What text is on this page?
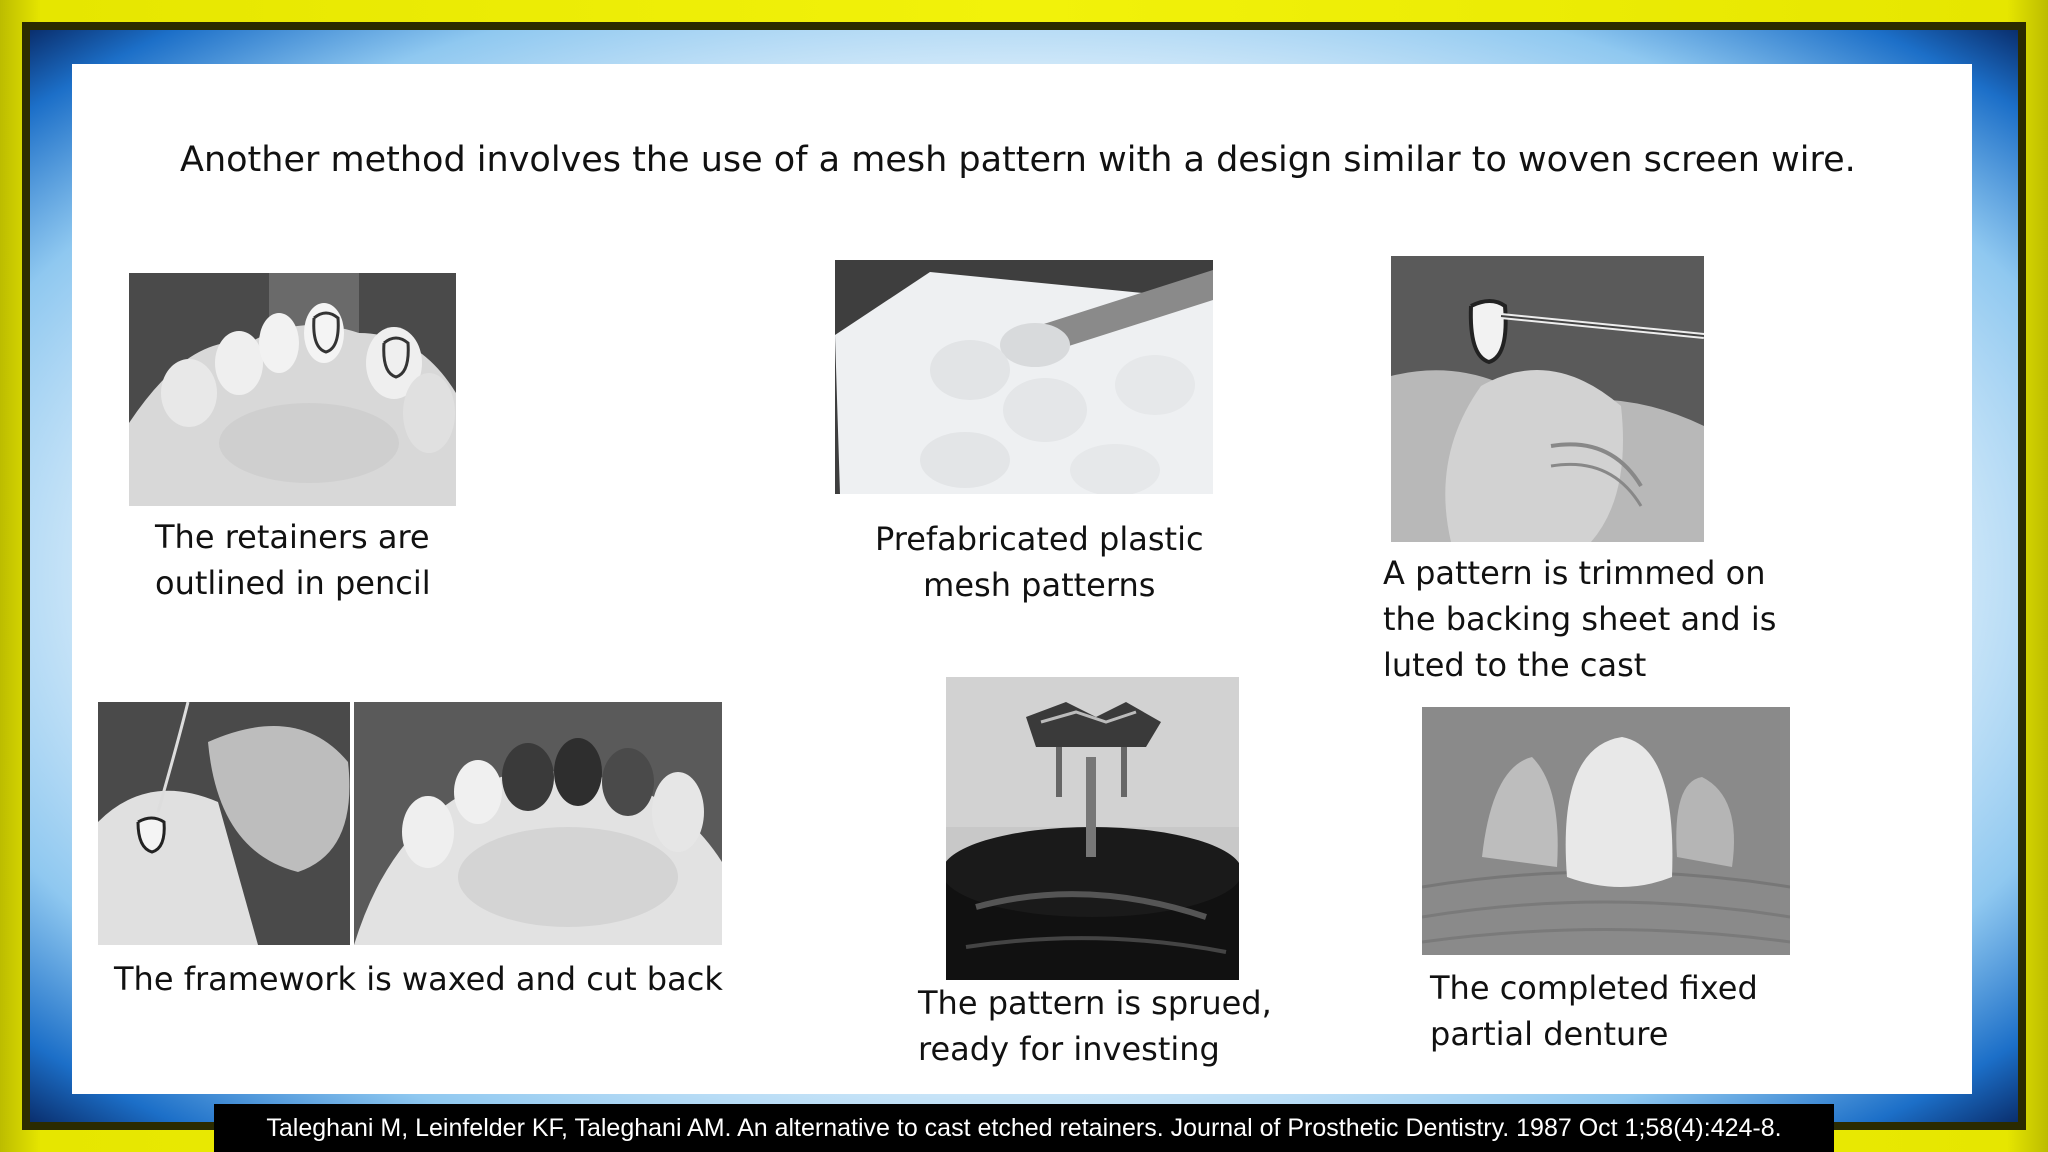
Another method involves the use of a mesh pattern with a design similar to woven screen wire.
The retainers are
outlined in pencil
Prefabricated plastic
mesh patterns	A pattern is trimmed on
the backing sheet and is
luted to the cast
The framework is waxed and cut back
The pattern is sprued,
ready for investing
The completed fixed
partial denture
Taleghani M, Leinfelder KF, Taleghani AM. An alternative to cast etched retainers. Journal of Prosthetic Dentistry. 1987 Oct 1;58(4):424-8.
